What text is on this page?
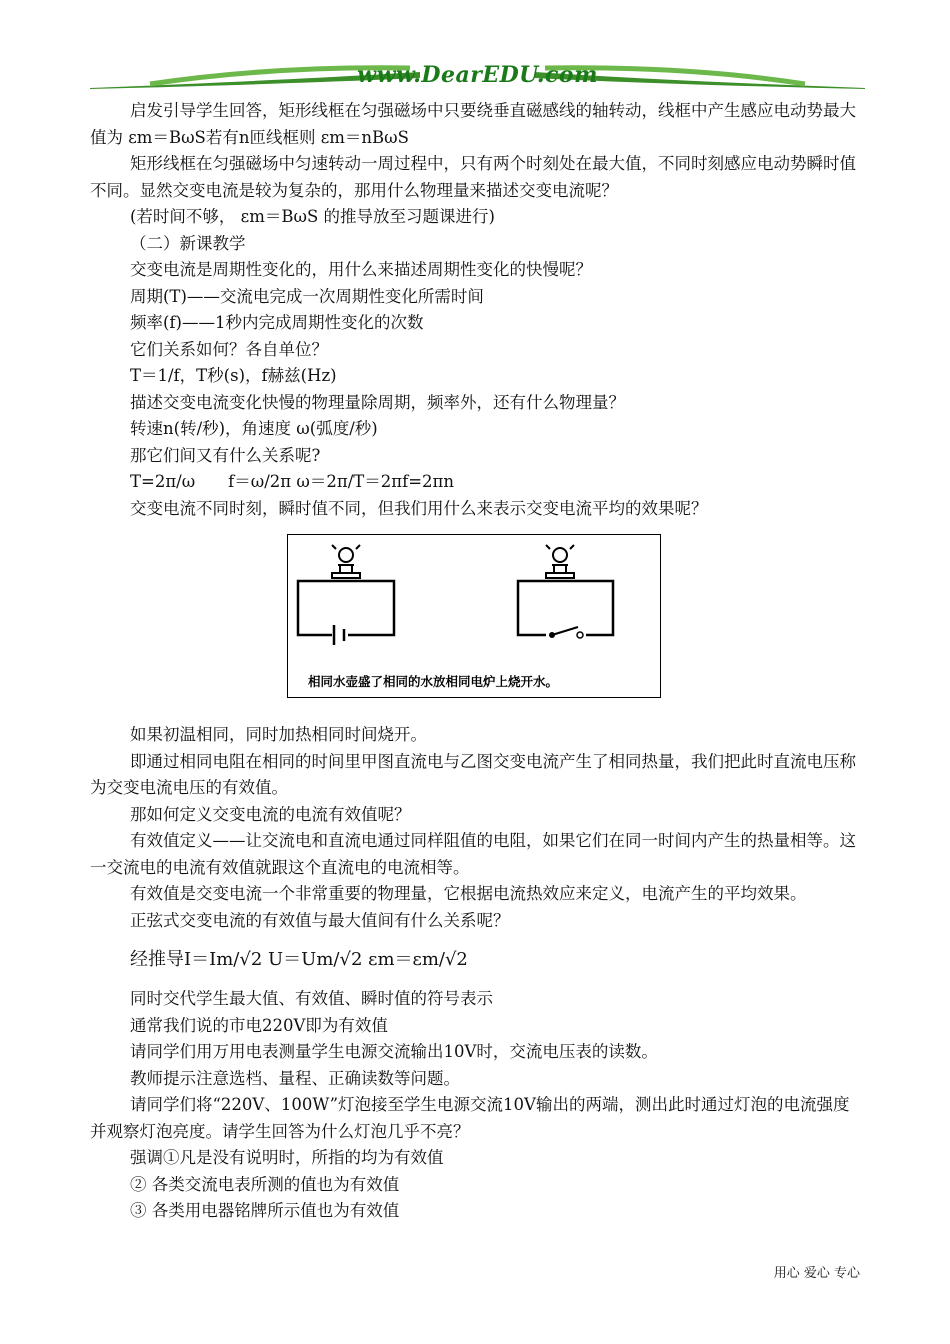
www.DearEDU.com

启发引导学生回答，矩形线框在匀强磁场中只要绕垂直磁感线的轴转动，线框中产生感应电动势最大值为 εm＝BωS若有n匝线框则 εm＝nBωS

矩形线框在匀强磁场中匀速转动一周过程中，只有两个时刻处在最大值，不同时刻感应电动势瞬时值不同。显然交变电流是较为复杂的，那用什么物理量来描述交变电流呢？

(若时间不够， εm＝BωS 的推导放至习题课进行)

（二）新课教学

交变电流是周期性变化的，用什么来描述周期性变化的快慢呢？

周期(T)——交流电完成一次周期性变化所需时间

频率(f)——1秒内完成周期性变化的次数

它们关系如何？各自单位？

T＝1/f，T秒(s)，f赫兹(Hz)

描述交变电流变化快慢的物理量除周期，频率外，还有什么物理量？

转速n(转/秒)，角速度 ω(弧度/秒)

那它们间又有什么关系呢?

T=2π/ω　　f＝ω/2π ω＝2π/T＝2πf=2πn

交变电流不同时刻，瞬时值不同，但我们用什么来表示交变电流平均的效果呢？

相同水壶盛了相同的水放相同电炉上烧开水。

如果初温相同，同时加热相同时间烧开。

即通过相同电阻在相同的时间里甲图直流电与乙图交变电流产生了相同热量，我们把此时直流电压称为交变电流电压的有效值。

那如何定义交变电流的电流有效值呢？

有效值定义——让交流电和直流电通过同样阻值的电阻，如果它们在同一时间内产生的热量相等。这一交流电的电流有效值就跟这个直流电的电流相等。

有效值是交变电流一个非常重要的物理量，它根据电流热效应来定义，电流产生的平均效果。

正弦式交变电流的有效值与最大值间有什么关系呢？

经推导I＝Im/√2 U＝Um/√2 εm＝εm/√2

同时交代学生最大值、有效值、瞬时值的符号表示

通常我们说的市电220V即为有效值

请同学们用万用电表测量学生电源交流输出10V时，交流电压表的读数。

教师提示注意选档、量程、正确读数等问题。

请同学们将“220V、100W”灯泡接至学生电源交流10V输出的两端，测出此时通过灯泡的电流强度并观察灯泡亮度。请学生回答为什么灯泡几乎不亮？

强调①凡是没有说明时，所指的均为有效值

② 各类交流电表所测的值也为有效值

③ 各类用电器铭牌所示值也为有效值

用心 爱心 专心
